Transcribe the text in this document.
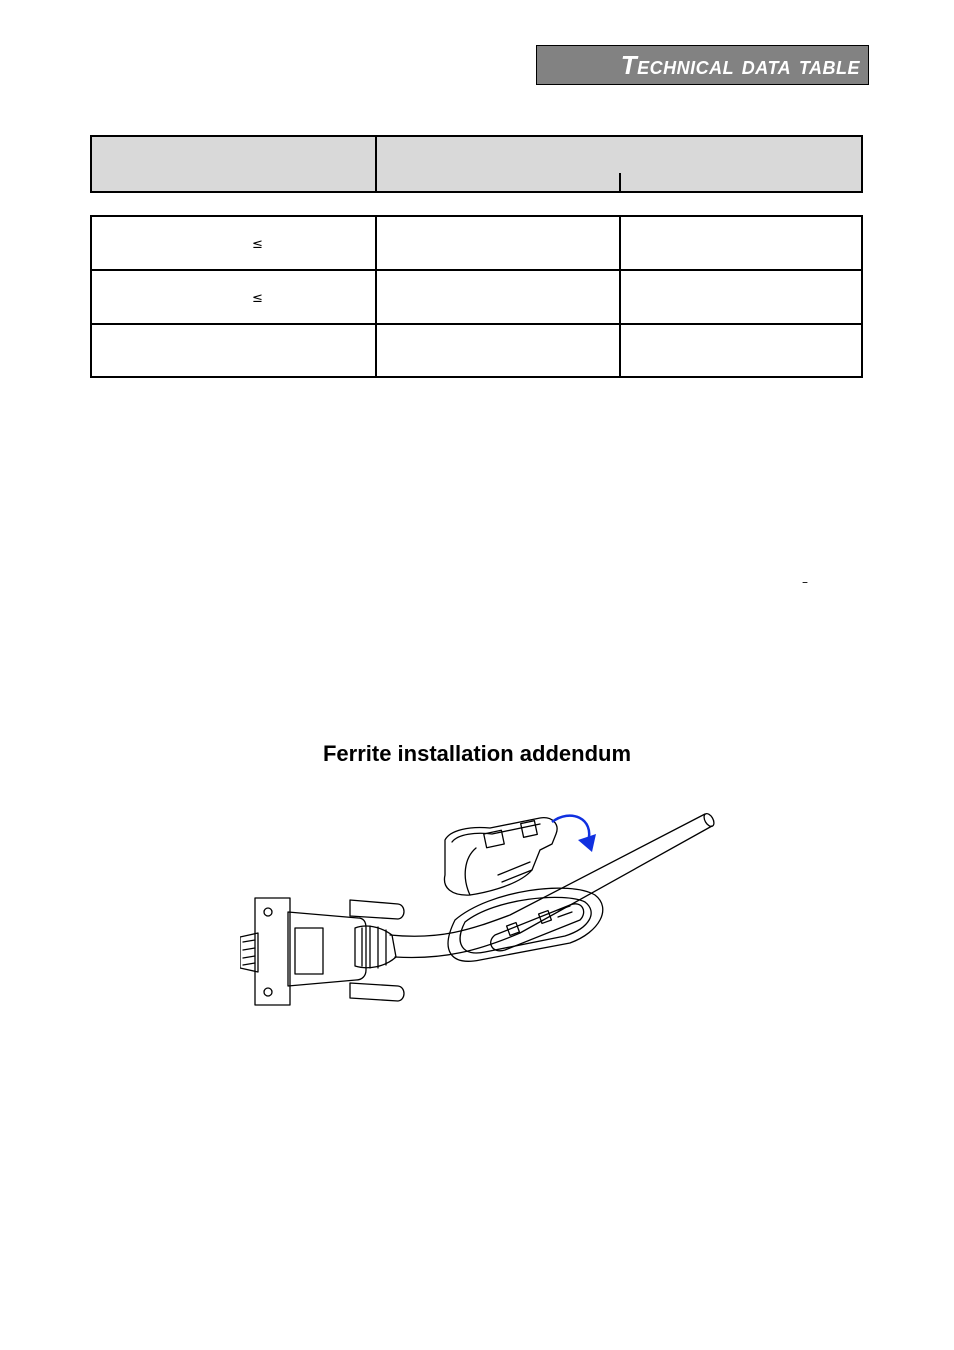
Technical data table
≤
≤
–
Ferrite installation addendum
